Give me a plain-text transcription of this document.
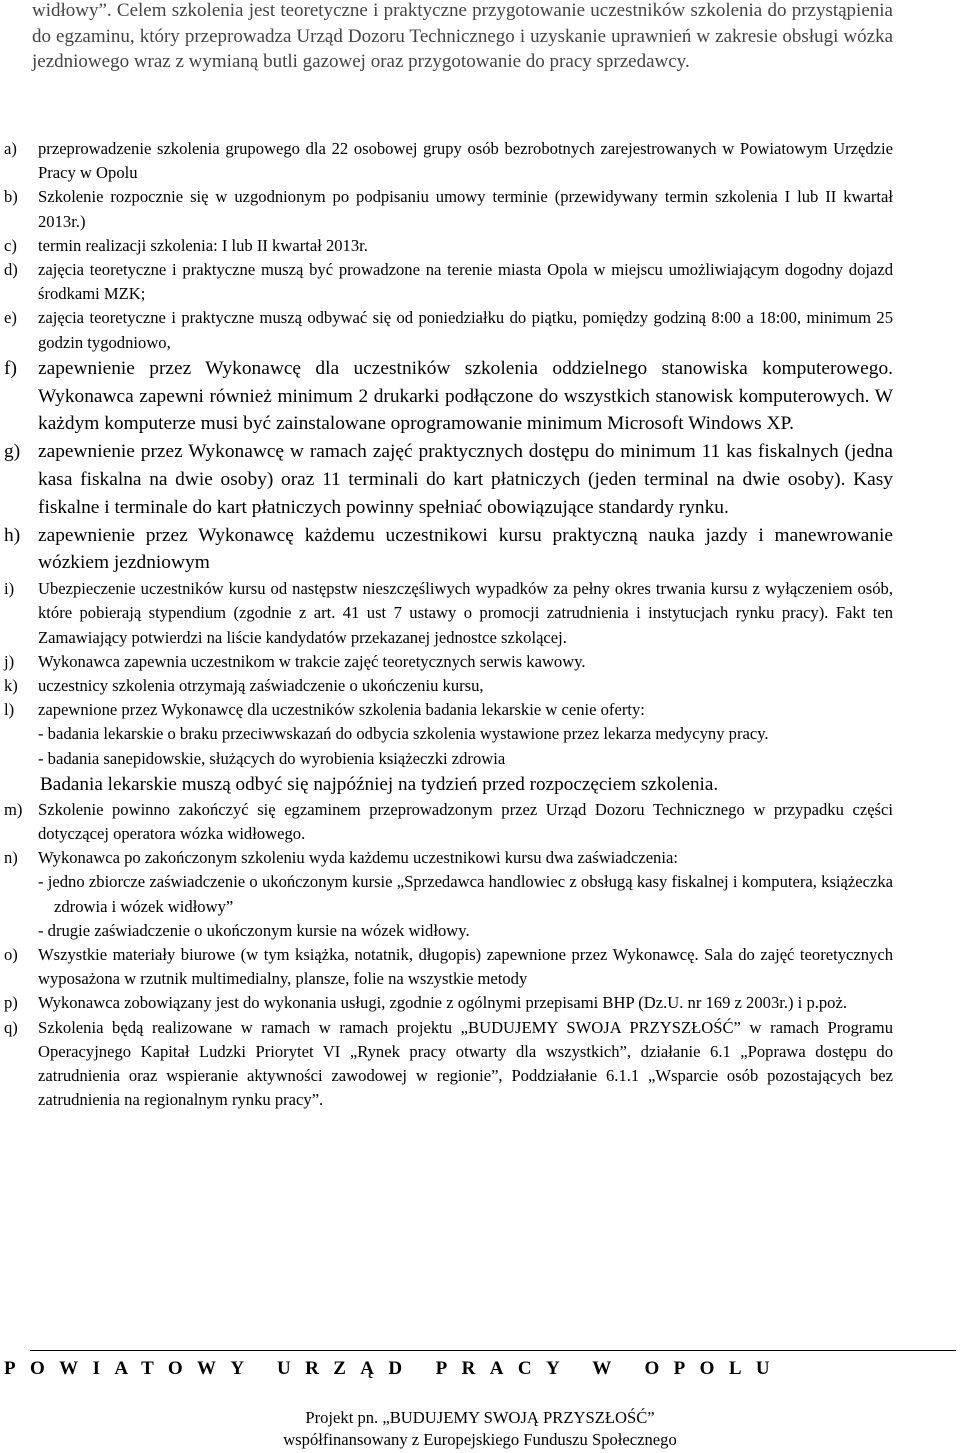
widłowy”. Celem szkolenia jest teoretyczne i praktyczne przygotowanie uczestników szkolenia do przystąpienia do egzaminu, który przeprowadza Urząd Dozoru Technicznego i uzyskanie uprawnień w zakresie obsługi wózka jezdniowego wraz z wymianą butli gazowej oraz przygotowanie do pracy sprzedawcy.

a) przeprowadzenie szkolenia grupowego dla 22 osobowej grupy osób bezrobotnych zarejestrowanych w Powiatowym Urzędzie Pracy w Opolu
b) Szkolenie rozpocznie się w uzgodnionym po podpisaniu umowy terminie (przewidywany termin szkolenia I lub II kwartał 2013r.)
c) termin realizacji szkolenia: I lub II kwartał 2013r.
d) zajęcia teoretyczne i praktyczne muszą być prowadzone na terenie miasta Opola w miejscu umożliwiającym dogodny dojazd środkami MZK;
e) zajęcia teoretyczne i praktyczne muszą odbywać się od poniedziałku do piątku, pomiędzy godziną 8:00 a 18:00, minimum 25 godzin tygodniowo,
f) zapewnienie przez Wykonawcę dla uczestników szkolenia oddzielnego stanowiska komputerowego. Wykonawca zapewni również minimum 2 drukarki podłączone do wszystkich stanowisk komputerowych. W każdym komputerze musi być zainstalowane oprogramowanie minimum Microsoft Windows XP.
g) zapewnienie przez Wykonawcę w ramach zajęć praktycznych dostępu do minimum 11 kas fiskalnych (jedna kasa fiskalna na dwie osoby) oraz 11 terminali do kart płatniczych (jeden terminal na dwie osoby). Kasy fiskalne i terminale do kart płatniczych powinny spełniać obowiązujące standardy rynku.
h) zapewnienie przez Wykonawcę każdemu uczestnikowi kursu praktyczną nauka jazdy i manewrowanie wózkiem jezdniowym
i) Ubezpieczenie uczestników kursu od następstw nieszczęśliwych wypadków za pełny okres trwania kursu z wyłączeniem osób, które pobierają stypendium (zgodnie z art. 41 ust 7 ustawy o promocji zatrudnienia i instytucjach rynku pracy). Fakt ten Zamawiający potwierdzi na liście kandydatów przekazanej jednostce szkolącej.
j) Wykonawca zapewnia uczestnikom w trakcie zajęć teoretycznych serwis kawowy.
k) uczestnicy szkolenia otrzymają zaświadczenie o ukończeniu kursu,
l) zapewnione przez Wykonawcę dla uczestników szkolenia badania lekarskie w cenie oferty:
- badania lekarskie o braku przeciwwskazań do odbycia szkolenia wystawione przez lekarza medycyny pracy.
- badania sanepidowskie, służących do wyrobienia książeczki zdrowia
Badania lekarskie muszą odbyć się najpóźniej na tydzień przed rozpoczęciem szkolenia.
m) Szkolenie powinno zakończyć się egzaminem przeprowadzonym przez Urząd Dozoru Technicznego w przypadku części dotyczącej operatora wózka widłowego.
n) Wykonawca po zakończonym szkoleniu wyda każdemu uczestnikowi kursu dwa zaświadczenia:
- jedno zbiorcze zaświadczenie o ukończonym kursie „Sprzedawca handlowiec z obsługą kasy fiskalnej i komputera, książeczka zdrowia i wózek widłowy”
- drugie zaświadczenie o ukończonym kursie na wózek widłowy.
o) Wszystkie materiały biurowe (w tym książka, notatnik, długopis) zapewnione przez Wykonawcę. Sala do zajęć teoretycznych wyposażona w rzutnik multimedialny, plansze, folie na wszystkie metody
p) Wykonawca zobowiązany jest do wykonania usługi, zgodnie z ogólnymi przepisami BHP (Dz.U. nr 169 z 2003r.) i p.poż.
q) Szkolenia będą realizowane w ramach w ramach projektu „BUDUJEMY SWOJA PRZYSZŁOŚĆ” w ramach Programu Operacyjnego Kapitał Ludzki Priorytet VI „Rynek pracy otwarty dla wszystkich”, działanie 6.1 „Poprawa dostępu do zatrudnienia oraz wspieranie aktywności zawodowej w regionie”, Poddziałanie 6.1.1 „Wsparcie osób pozostających bez zatrudnienia na regionalnym rynku pracy”.
POWIATOWY URZĄD PRACY W OPOLU
Projekt pn. „BUDUJEMY SWOJĄ PRZYSZŁOŚĆ”
współfinansowany z Europejskiego Funduszu Społecznego
